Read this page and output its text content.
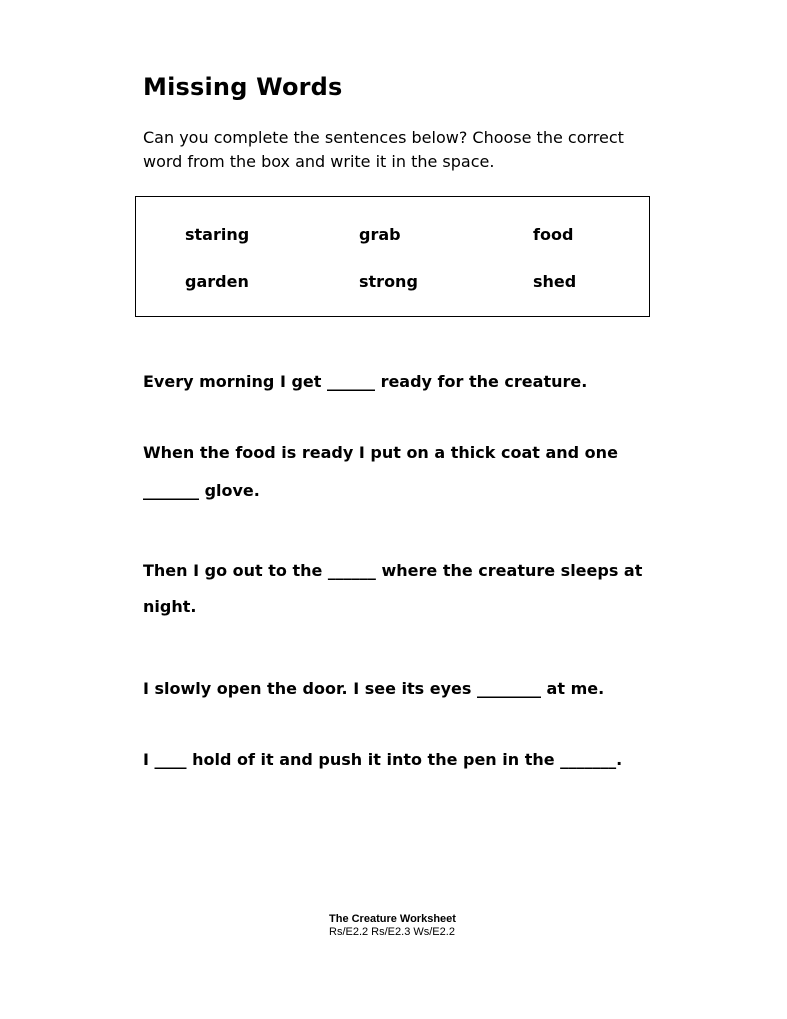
Missing Words
Can you complete the sentences below? Choose the correct
word from the box and write it in the space.
staring	grab	food
garden	strong	shed
Every morning I get ______ ready for the creature.
When the food is ready I put on a thick coat and one
_______ glove.
Then I go out to the ______ where the creature sleeps at
night.
I slowly open the door. I see its eyes ________ at me.
I ____ hold of it and push it into the pen in the _______.
The Creature Worksheet
Rs/E2.2 Rs/E2.3 Ws/E2.2
